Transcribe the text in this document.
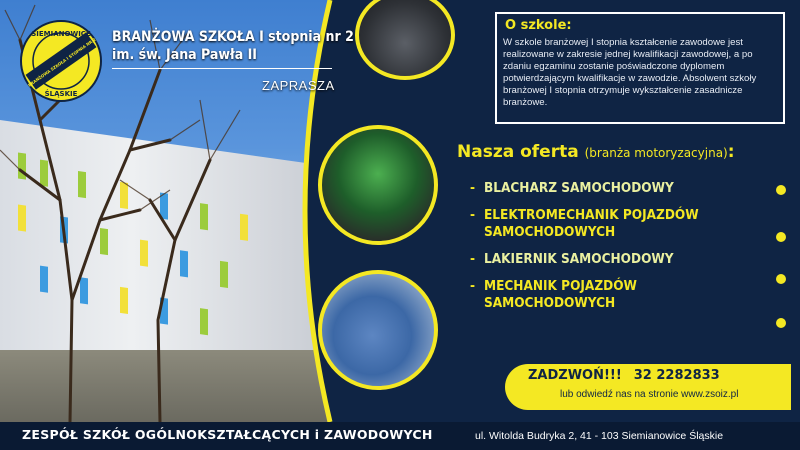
SIEMIANOWICE
ŚLĄSKIE
BRANŻOWA SZKOŁA I STOPNIA NR 2 BRANŻOWA SZKOŁA I stopnia nr 2
im. św. Jana Pawła II
ZAPRASZA

O szkole:

W szkole branżowej I stopnia kształcenie zawodowe jest realizowane w zakresie jednej kwalifikacji zawodowej, a po zdaniu egzaminu zostanie poświadczone dyplomem potwierdzającym kwalifikacje w zawodzie. Absolwent szkoły branżowej I stopnia otrzymuje wykształcenie zasadnicze branżowe.

Nasza oferta (branża motoryzacyjna):
- BLACHARZ SAMOCHODOWY
- ELEKTROMECHANIK POJAZDÓW SAMOCHODOWYCH
- LAKIERNIK SAMOCHODOWY
- MECHANIK POJAZDÓW SAMOCHODOWYCH
ZADZWOŃ!!! 32 2282833
lub odwiedź nas na stronie www.zsoiz.pl
ZESPÓŁ SZKÓŁ OGÓLNOKSZTAŁCĄCYCH i ZAWODOWYCH	ul. Witolda Budryka 2, 41 - 103 Siemianowice Śląskie
